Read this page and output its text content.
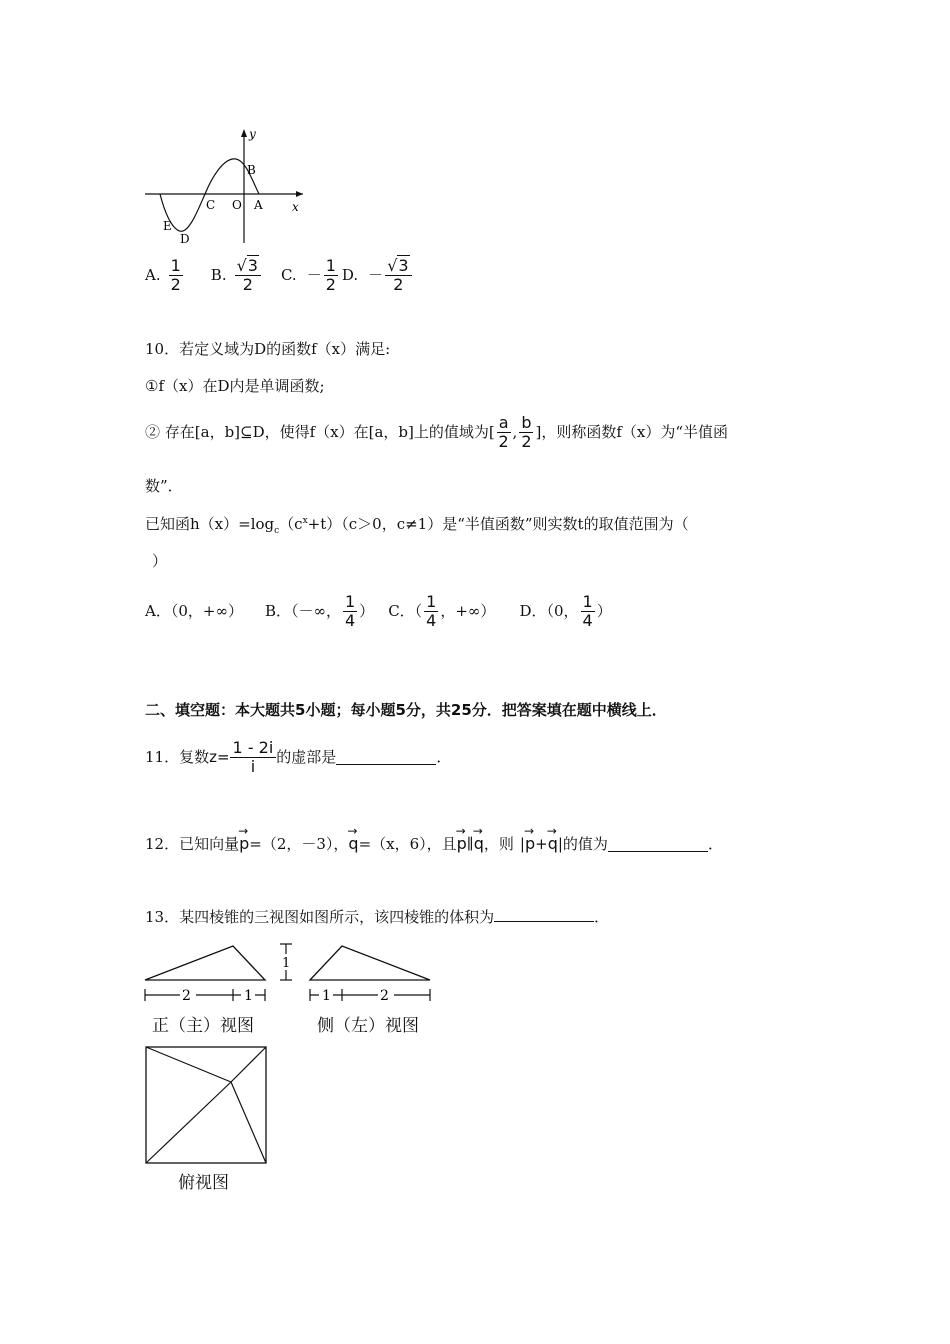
y
x
B
C O A
E
D
A. $\frac{1}{2} B$. $\frac{√3}{2} C$. － $\frac{1}{2} D$. － $\frac{√3}{2}$
10．若定义域为D的函数f（x）满足:
①f（x）在D内是单调函数;
② 存在[a，b]⊆D，使得f（x）在[a，b]上的值域为[ $\frac{a}{2}$ , $\frac{b}{2}$ ]，则称函数f（x）为“半值函
数”．
已知函$h(x)=\log_c(c^x+t)(c>0$，c≠1）是“半值函数”则实数t的取值范围为（
）
A．（0，+∞） B．（－∞， $\frac{1}{4}$ ） C．（ $\frac{1}{4}$ ，+∞） D．（0， $\frac{1}{4}$ ）
二、填空题：本大题共5小题；每小题5分，共25分．把答案填在题中横线上．
11．复数 $z= \frac{1 - 2i}{i}$ 的虚部是	．
12．已知向量 → p =（2，－3）， → q =（x，6），且 → p ∥ → q ，则 | → p + → q | 的值为	．
13．某四棱锥的三视图如图所示，该四棱锥的体积为	．
2	1
1
1	2
正（主）视图	侧（左）视图
俯视图
